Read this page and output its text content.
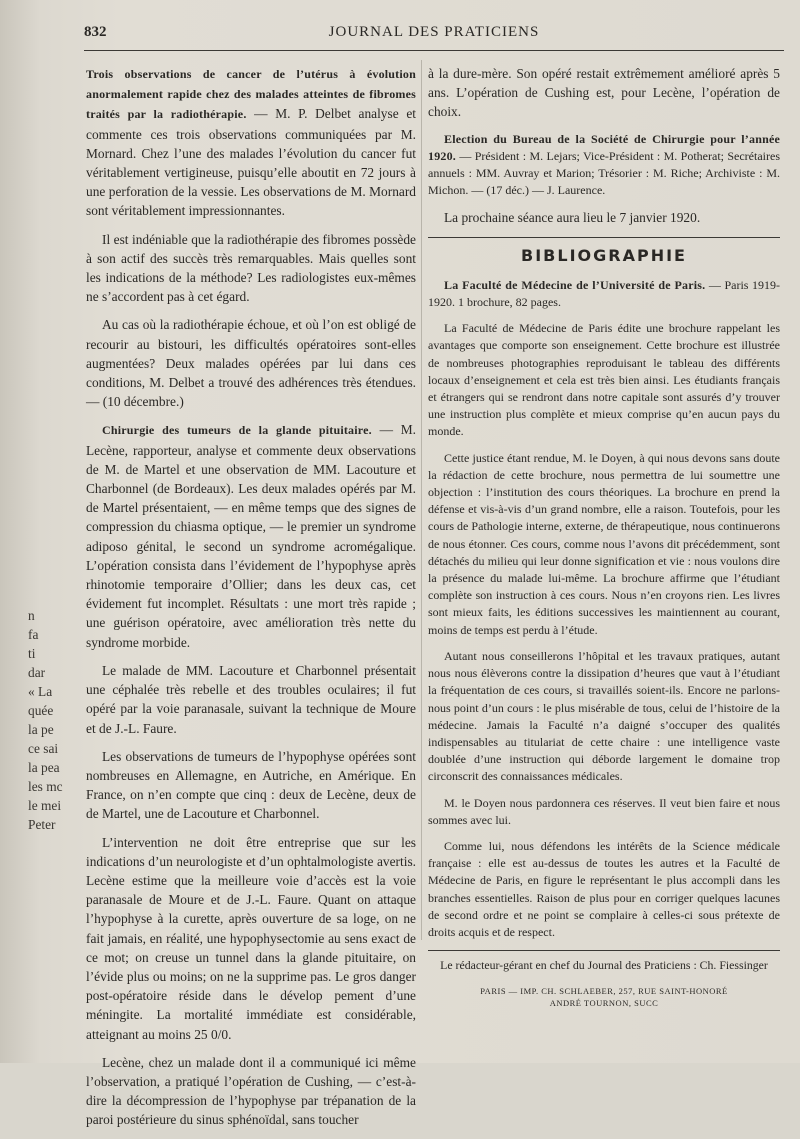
832	JOURNAL DES PRATICIENS
n
fa
ti
dar
« La
quée
la pe
ce sai
la pea
les mc
le mei
Peter

Trois observations de cancer de l’utérus à évolution anormalement rapide chez des malades atteintes de fibromes traités par la radiothérapie. — M. P. Delbet analyse et commente ces trois observations communiquées par M. Mornard. Chez l’une des malades l’évolution du cancer fut véritablement vertigineuse, puisqu’elle aboutit en 72 jours à une perforation de la vessie. Les observations de M. Mornard sont véritablement impressionnantes.

Il est indéniable que la radiothérapie des fibromes possède à son actif des succès très remarquables. Mais quelles sont les indications de la méthode? Les radiologistes eux-mêmes ne s’accordent pas à cet égard.

Au cas où la radiothérapie échoue, et où l’on est obligé de recourir au bistouri, les difficultés opératoires sont-elles augmentées? Deux malades opérées par lui dans ces conditions, M. Delbet a trouvé des adhérences très étendues. — (10 décembre.)

Chirurgie des tumeurs de la glande pituitaire. — M. Lecène, rapporteur, analyse et commente deux observations de M. de Martel et une observation de MM. Lacouture et Charbonnel (de Bordeaux). Les deux malades opérés par M. de Martel présentaient, — en même temps que des signes de compression du chiasma optique, — le premier un syndrome adiposo génital, le second un syndrome acromégalique. L’opération consista dans l’évidement de l’hypophyse après rhinotomie temporaire d’Ollier; dans les deux cas, cet évidement fut incomplet. Résultats : une mort très rapide ; une guérison opératoire, avec amélioration très nette du syndrome morbide.

Le malade de MM. Lacouture et Charbonnel présentait une céphalée très rebelle et des troubles oculaires; il fut opéré par la voie paranasale, suivant la technique de Moure et de J.-L. Faure.

Les observations de tumeurs de l’hypophyse opérées sont nombreuses en Allemagne, en Autriche, en Amérique. En France, on n’en compte que cinq : deux de Lecène, deux de de Martel, une de Lacouture et Charbonnel.

L’intervention ne doit être entreprise que sur les indications d’un neurologiste et d’un ophtalmologiste avertis. Lecène estime que la meilleure voie d’accès est la voie paranasale de Moure et de J.-L. Faure. Quant on attaque l’hypophyse à la curette, après ouverture de sa loge, on ne fait jamais, en réalité, une hypophysectomie au sens exact de ce mot; on creuse un tunnel dans la glande pituitaire, on l’évide plus ou moins; on ne la supprime pas. Le gros danger post-opératoire réside dans le dévelop pement d’une méningite. La mortalité immédiate est considérable, atteignant au moins 25 0/0.

Lecène, chez un malade dont il a communiqué ici même l’observation, a pratiqué l’opération de Cushing, — c’est-à-dire la décompression de l’hypophyse par trépanation de la paroi postérieure du sinus sphénoïdal, sans toucher

à la dure-mère. Son opéré restait extrêmement amélioré après 5 ans. L’opération de Cushing est, pour Lecène, l’opération de choix.

Election du Bureau de la Société de Chirurgie pour l’année 1920. — Président : M. Lejars; Vice-Président : M. Potherat; Secrétaires annuels : MM. Auvray et Marion; Trésorier : M. Riche; Archiviste : M. Michon. — (17 déc.) — J. Laurence.

La prochaine séance aura lieu le 7 janvier 1920.

BIBLIOGRAPHIE

La Faculté de Médecine de l’Université de Paris. — Paris 1919-1920. 1 brochure, 82 pages.

La Faculté de Médecine de Paris édite une brochure rappelant les avantages que comporte son enseignement. Cette brochure est illustrée de nombreuses photographies reproduisant le tableau des différents locaux d’enseignement et cela est très bien ainsi. Les étudiants français et étrangers qui se rendront dans notre capitale sont assurés d’y trouver une instruction plus complète et mieux comprise qu’en aucun pays du monde.

Cette justice étant rendue, M. le Doyen, à qui nous devons sans doute la rédaction de cette brochure, nous permettra de lui soumettre une objection : l’institution des cours théoriques. La brochure en prend la défense et vis-à-vis d’un grand nombre, elle a raison. Toutefois, pour les cours de Pathologie interne, externe, de thérapeutique, nous continuerons de nous étonner. Ces cours, comme nous l’avons dit précédemment, sont détachés du milieu qui leur donne signification et vie : nous voulons dire la présence du malade lui-même. La brochure affirme que l’étudiant complète son instruction à ces cours. Nous n’en croyons rien. Les livres sont mieux faits, les éditions successives les maintiennent au courant, moins de temps est perdu à l’étude.

Autant nous conseillerons l’hôpital et les travaux pratiques, autant nous nous élèverons contre la dissipation d’heures que vaut à l’étudiant la fréquentation de ces cours, si travaillés soient-ils. Encore ne parlons-nous point d’un cours : le plus misérable de tous, celui de l’histoire de la médecine. Jamais la Faculté n’a daigné s’occuper des qualités indispensables au titulariat de cette chaire : une intelligence vaste doublée d’une instruction qui déborde largement le domaine trop circonscrit des connaissances médicales.

M. le Doyen nous pardonnera ces réserves. Il veut bien faire et nous sommes avec lui.

Comme lui, nous défendons les intérêts de la Science médicale française : elle est au-dessus de toutes les autres et la Faculté de Médecine de Paris, en figure le représentant le plus accompli dans les branches essentielles. Raison de plus pour en corriger quelques lacunes de second ordre et ne point se complaire à celles-ci sous prétexte de droits acquis et de respect.

Le rédacteur-gérant en chef du Journal des Praticiens : Ch. Fiessinger
PARIS — IMP. CH. SCHLAEBER, 257, RUE SAINT-HONORÉ
ANDRÉ TOURNON, SUCC
